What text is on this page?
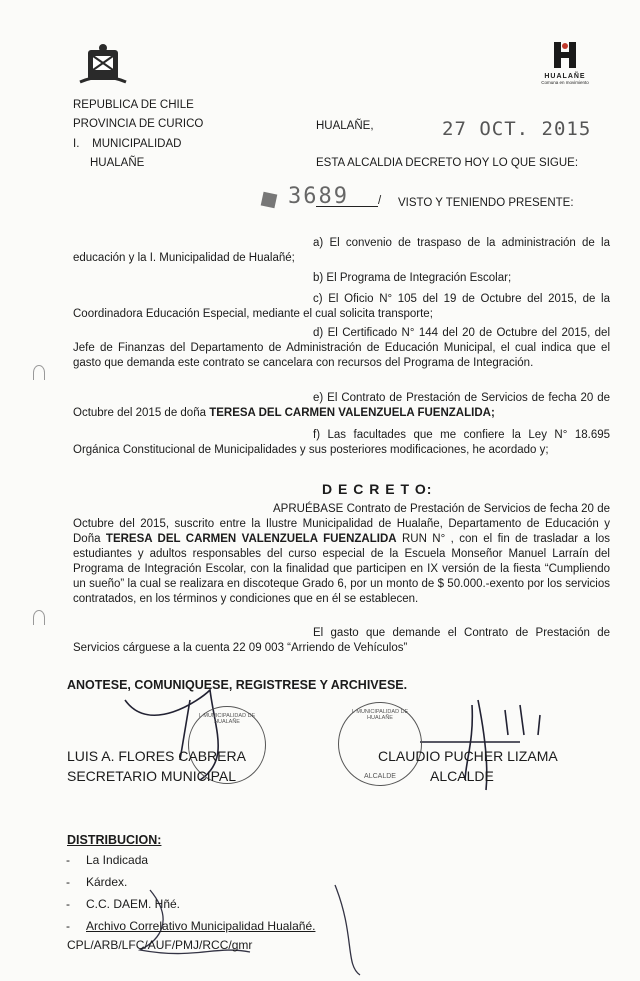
HUALAÑE
Comuna en movimiento
REPUBLICA DE CHILE
PROVINCIA DE CURICO
I.    MUNICIPALIDAD
HUALAÑE
HUALAÑE,	27 OCT. 2015
ESTA ALCALDIA DECRETO HOY LO QUE SIGUE:
3689	/ VISTO Y TENIENDO PRESENTE:
a) El convenio de traspaso de la administración de la educación y la I. Municipalidad de Hualañé;
b) El Programa de Integración Escolar;
c) El Oficio N° 105 del 19 de Octubre del 2015, de la Coordinadora Educación Especial, mediante el cual solicita transporte;
d) El Certificado N° 144 del 20 de Octubre del 2015, del Jefe de Finanzas del Departamento de Administración de Educación Municipal, el cual indica que el gasto que demanda este contrato se cancelara con recursos del Programa de Integración.
e) El Contrato de Prestación de Servicios de fecha 20 de Octubre del 2015 de doña TERESA DEL CARMEN VALENZUELA FUENZALIDA;
f) Las facultades que me confiere la Ley N° 18.695 Orgánica Constitucional de Municipalidades y sus posteriores modificaciones, he acordado y;
D E C R E T O:
APRUÉBASE Contrato de Prestación de Servicios de fecha 20 de Octubre del 2015, suscrito entre la Ilustre Municipalidad de Hualañe, Departamento de Educación y Doña TERESA DEL CARMEN VALENZUELA FUENZALIDA RUN N° , con el fin de trasladar a los estudiantes y adultos responsables del curso especial de la Escuela Monseñor Manuel Larraín del Programa de Integración Escolar, con la finalidad que participen en IX versión de la fiesta “Cumpliendo un sueño” la cual se realizara en discoteque Grado 6, por un monto de $ 50.000.-exento por los servicios contratados, en los términos y condiciones que en él se establecen.
El gasto que demande el Contrato de Prestación de Servicios cárguese a la cuenta 22 09 003 “Arriendo de Vehículos”
ANOTESE, COMUNIQUESE, REGISTRESE Y ARCHIVESE.
I. MUNICIPALIDAD DE HUALAÑE
I. MUNICIPALIDAD DE HUALAÑE
ALCALDE
LUIS A. FLORES CABRERA
SECRETARIO MUNICIPAL
CLAUDIO PUCHER LIZAMA
ALCALDE
DISTRIBUCION:
- La Indicada
- Kárdex.
- C.C. DAEM. Hñé.
- Archivo Correlativo Municipalidad Hualañé.
CPL/ARB/LFC/AUF/PMJ/RCC/gmr
